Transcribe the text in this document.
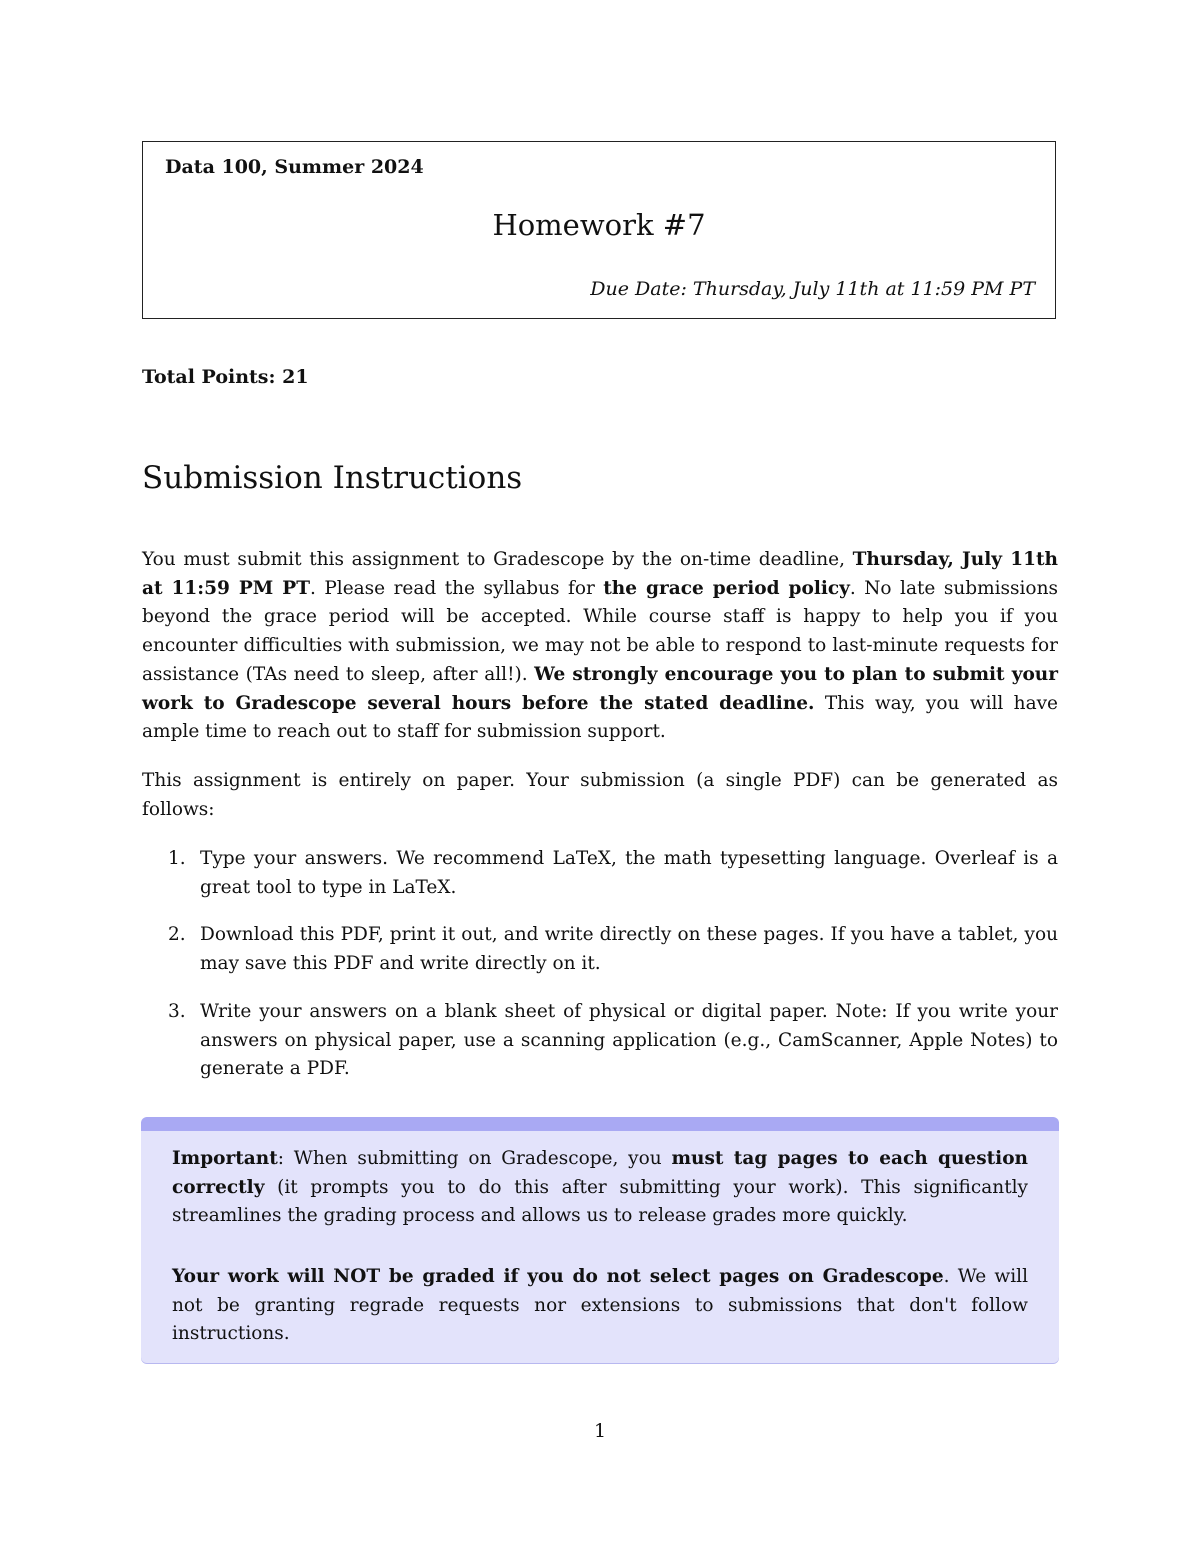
Data 100, Summer 2024
Homework #7
Due Date: Thursday, July 11th at 11:59 PM PT
Total Points: 21
Submission Instructions
You must submit this assignment to Gradescope by the on-time deadline, Thursday, July 11th at 11:59 PM PT. Please read the syllabus for the grace period policy. No late submissions beyond the grace period will be accepted. While course staff is happy to help you if you encounter difficulties with submission, we may not be able to respond to last-minute requests for assistance (TAs need to sleep, after all!). We strongly encourage you to plan to submit your work to Gradescope several hours before the stated deadline. This way, you will have ample time to reach out to staff for submission support.
This assignment is entirely on paper. Your submission (a single PDF) can be generated as follows:
1. Type your answers. We recommend LaTeX, the math typesetting language. Overleaf is a great tool to type in LaTeX.
2. Download this PDF, print it out, and write directly on these pages. If you have a tablet, you may save this PDF and write directly on it.
3. Write your answers on a blank sheet of physical or digital paper. Note: If you write your answers on physical paper, use a scanning application (e.g., CamScanner, Apple Notes) to generate a PDF.
Important: When submitting on Gradescope, you must tag pages to each question correctly (it prompts you to do this after submitting your work). This significantly streamlines the grading process and allows us to release grades more quickly.
Your work will NOT be graded if you do not select pages on Gradescope. We will not be granting regrade requests nor extensions to submissions that don't follow instructions.
1
